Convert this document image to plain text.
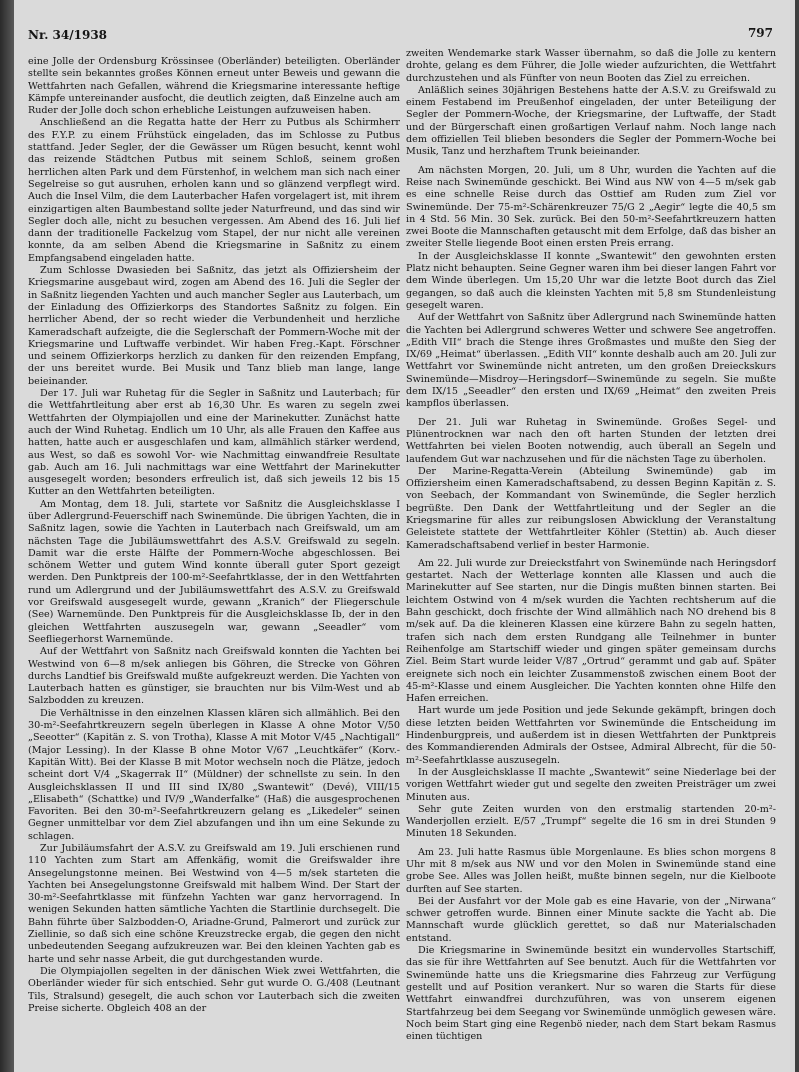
Nr. 34/1938	797

eine Jolle der Ordensburg Krössinsee (Oberländer) beteiligten. Oberländer stellte sein bekanntes großes Können erneut unter Beweis und gewann die Wettfahrten nach Gefallen, während die Kriegsmarine interessante heftige Kämpfe untereinander ausfocht, die deutlich zeigten, daß Einzelne auch am Ruder der Jolle doch schon erhebliche Leistungen aufzuweisen haben.

Anschließend an die Regatta hatte der Herr zu Putbus als Schirmherr des F.Y.P. zu einem Frühstück eingeladen, das im Schlosse zu Putbus stattfand. Jeder Segler, der die Gewässer um Rügen besucht, kennt wohl das reizende Städtchen Putbus mit seinem Schloß, seinem großen herrlichen alten Park und dem Fürstenhof, in welchem man sich nach einer Segelreise so gut ausruhen, erholen kann und so glänzend verpflegt wird. Auch die Insel Vilm, die dem Lauterbacher Hafen vorgelagert ist, mit ihrem einzigartigen alten Baumbestand sollte jeder Naturfreund, und das sind wir Segler doch alle, nicht zu besuchen vergessen. Am Abend des 16. Juli lief dann der traditionelle Fackelzug vom Stapel, der nur nicht alle vereinen konnte, da am selben Abend die Kriegsmarine in Saßnitz zu einem Empfangsabend eingeladen hatte.

Zum Schlosse Dwasieden bei Saßnitz, das jetzt als Offiziersheim der Kriegsmarine ausgebaut wird, zogen am Abend des 16. Juli die Segler der in Saßnitz liegenden Yachten und auch mancher Segler aus Lauterbach, um der Einladung des Offizierkorps des Standortes Saßnitz zu folgen. Ein herrlicher Abend, der so recht wieder die Verbundenheit und herzliche Kameradschaft aufzeigte, die die Seglerschaft der Pommern-Woche mit der Kriegsmarine und Luftwaffe verbindet. Wir haben Freg.-Kapt. Förschner und seinem Offizierkorps herzlich zu danken für den reizenden Empfang, der uns bereitet wurde. Bei Musik und Tanz blieb man lange, lange beieinander.

Der 17. Juli war Ruhetag für die Segler in Saßnitz und Lauterbach; für die Wettfahrtleitung aber erst ab 16,30 Uhr. Es waren zu segeln zwei Wettfahrten der Olympiajollen und eine der Marinekutter. Zunächst hatte auch der Wind Ruhetag. Endlich um 10 Uhr, als alle Frauen den Kaffee aus hatten, hatte auch er ausgeschlafen und kam, allmählich stärker werdend, aus West, so daß es sowohl Vor- wie Nachmittag einwandfreie Resultate gab. Auch am 16. Juli nachmittags war eine Wettfahrt der Marinekutter ausgesegelt worden; besonders erfreulich ist, daß sich jeweils 12 bis 15 Kutter an den Wettfahrten beteiligten.

Am Montag, dem 18. Juli, startete vor Saßnitz die Ausgleichsklasse I über Adlergrund-Feuerschiff nach Swinemünde. Die übrigen Yachten, die in Saßnitz lagen, sowie die Yachten in Lauterbach nach Greifswald, um am nächsten Tage die Jubiläumswettfahrt des A.S.V. Greifswald zu segeln. Damit war die erste Hälfte der Pommern-Woche abgeschlossen. Bei schönem Wetter und gutem Wind konnte überall guter Sport gezeigt werden. Den Punktpreis der 100-m²-Seefahrtklasse, der in den Wettfahrten rund um Adlergrund und der Jubiläumswettfahrt des A.S.V. zu Greifswald vor Greifswald ausgesegelt wurde, gewann „Kranich“ der Fliegerschule (See) Warnemünde. Den Punktpreis für die Ausgleichsklasse Ib, der in den gleichen Wettfahrten auszusegeln war, gewann „Seeadler“ vom Seefliegerhorst Warnemünde.

Auf der Wettfahrt von Saßnitz nach Greifswald konnten die Yachten bei Westwind von 6—8 m/sek anliegen bis Göhren, die Strecke von Göhren durchs Landtief bis Greifswald mußte aufgekreuzt werden. Die Yachten von Lauterbach hatten es günstiger, sie brauchten nur bis Vilm-West und ab Salzbodden zu kreuzen.

Die Verhältnisse in den einzelnen Klassen klären sich allmählich. Bei den 30-m²-Seefahrtkreuzern segeln überlegen in Klasse A ohne Motor V/50 „Seeotter“ (Kapitän z. S. von Trotha), Klasse A mit Motor V/45 „Nachtigall“ (Major Lessing). In der Klasse B ohne Motor V/67 „Leuchtkäfer“ (Korv.-Kapitän Witt). Bei der Klasse B mit Motor wechseln noch die Plätze, jedoch scheint dort V/4 „Skagerrak II“ (Müldner) der schnellste zu sein. In den Ausgleichsklassen II und III sind IX/80 „Swantewit“ (Devé), VIII/15 „Elisabeth“ (Schattke) und IV/9 „Wanderfalke“ (Haß) die ausgesprochenen Favoriten. Bei den 30-m²-Seefahrtkreuzern gelang es „Likedeler“ seinen Gegner unmittelbar vor dem Ziel abzufangen und ihn um eine Sekunde zu schlagen.

Zur Jubiläumsfahrt der A.S.V. zu Greifswald am 19. Juli erschienen rund 110 Yachten zum Start am Affenkäfig, womit die Greifswalder ihre Ansegelungstonne meinen. Bei Westwind von 4—5 m/sek starteten die Yachten bei Ansegelungstonne Greifswald mit halbem Wind. Der Start der 30-m²-Seefahrtklasse mit fünfzehn Yachten war ganz hervorragend. In wenigen Sekunden hatten sämtliche Yachten die Startlinie durchsegelt. Die Bahn führte über Salzbodden-O, Ariadne-Grund, Palmerort und zurück zur Ziellinie, so daß sich eine schöne Kreuzstrecke ergab, die gegen den nicht unbedeutenden Seegang aufzukreuzen war. Bei den kleinen Yachten gab es harte und sehr nasse Arbeit, die gut durchgestanden wurde.

Die Olympiajollen segelten in der dänischen Wiek zwei Wettfahrten, die Oberländer wieder für sich entschied. Sehr gut wurde O. G./408 (Leutnant Tils, Stralsund) gesegelt, die auch schon vor Lauterbach sich die zweiten Preise sicherte. Obgleich 408 an der

zweiten Wendemarke stark Wasser übernahm, so daß die Jolle zu kentern drohte, gelang es dem Führer, die Jolle wieder aufzurichten, die Wettfahrt durchzustehen und als Fünfter von neun Booten das Ziel zu erreichen.

Anläßlich seines 30jährigen Bestehens hatte der A.S.V. zu Greifswald zu einem Festabend im Preußenhof eingeladen, der unter Beteiligung der Segler der Pommern-Woche, der Kriegsmarine, der Luftwaffe, der Stadt und der Bürgerschaft einen großartigen Verlauf nahm. Noch lange nach dem offiziellen Teil blieben besonders die Segler der Pommern-Woche bei Musik, Tanz und herzhaftem Trunk beieinander.

Am nächsten Morgen, 20. Juli, um 8 Uhr, wurden die Yachten auf die Reise nach Swinemünde geschickt. Bei Wind aus NW von 4—5 m/sek gab es eine schnelle Reise durch das Osttief am Ruden zum Ziel vor Swinemünde. Der 75-m²-Schärenkreuzer 75/G 2 „Aegir“ legte die 40,5 sm in 4 Std. 56 Min. 30 Sek. zurück. Bei den 50-m²-Seefahrtkreuzern hatten zwei Boote die Mannschaften getauscht mit dem Erfolge, daß das bisher an zweiter Stelle liegende Boot einen ersten Preis errang.

In der Ausgleichsklasse II konnte „Swantewit“ den gewohnten ersten Platz nicht behaupten. Seine Gegner waren ihm bei dieser langen Fahrt vor dem Winde überlegen. Um 15,20 Uhr war die letzte Boot durch das Ziel gegangen, so daß auch die kleinsten Yachten mit 5,8 sm Stundenleistung gesegelt waren.

Auf der Wettfahrt von Saßnitz über Adlergrund nach Swinemünde hatten die Yachten bei Adlergrund schweres Wetter und schwere See angetroffen. „Edith VII“ brach die Stenge ihres Großmastes und mußte den Sieg der IX/69 „Heimat“ überlassen. „Edith VII“ konnte deshalb auch am 20. Juli zur Wettfahrt vor Swinemünde nicht antreten, um den großen Dreieckskurs Swinemünde—Misdroy—Heringsdorf—Swinemünde zu segeln. Sie mußte dem IX/15 „Seeadler“ den ersten und IX/69 „Heimat“ den zweiten Preis kampflos überlassen.

Der 21. Juli war Ruhetag in Swinemünde. Großes Segel- und Plünentrocknen war nach den oft harten Stunden der letzten drei Wettfahrten bei vielen Booten notwendig, auch überall an Segeln und laufendem Gut war nachzusehen und für die nächsten Tage zu überholen.

Der Marine-Regatta-Verein (Abteilung Swinemünde) gab im Offiziersheim einen Kameradschaftsabend, zu dessen Beginn Kapitän z. S. von Seebach, der Kommandant von Swinemünde, die Segler herzlich begrüßte. Den Dank der Wettfahrtleitung und der Segler an die Kriegsmarine für alles zur reibungslosen Abwicklung der Veranstaltung Geleistete stattete der Wettfahrtleiter Köhler (Stettin) ab. Auch dieser Kameradschaftsabend verlief in bester Harmonie.

Am 22. Juli wurde zur Dreieckstfahrt von Swinemünde nach Heringsdorf gestartet. Nach der Wetterlage konnten alle Klassen und auch die Marinekutter auf See starten, nur die Dingis mußten binnen starten. Bei leichtem Ostwind von 4 m/sek wurden die Yachten rechtsherum auf die Bahn geschickt, doch frischte der Wind allmählich nach NO drehend bis 8 m/sek auf. Da die kleineren Klassen eine kürzere Bahn zu segeln hatten, trafen sich nach dem ersten Rundgang alle Teilnehmer in bunter Reihenfolge am Startschiff wieder und gingen später gemeinsam durchs Ziel. Beim Start wurde leider V/87 „Ortrud“ gerammt und gab auf. Später ereignete sich noch ein leichter Zusammenstoß zwischen einem Boot der 45-m²-Klasse und einem Ausgleicher. Die Yachten konnten ohne Hilfe den Hafen erreichen.

Hart wurde um jede Position und jede Sekunde gekämpft, bringen doch diese letzten beiden Wettfahrten vor Swinemünde die Entscheidung im Hindenburgpreis, und außerdem ist in diesen Wettfahrten der Punktpreis des Kommandierenden Admirals der Ostsee, Admiral Albrecht, für die 50-m²-Seefahrtklasse auszusegeln.

In der Ausgleichsklasse II machte „Swantewit“ seine Niederlage bei der vorigen Wettfahrt wieder gut und segelte den zweiten Preisträger um zwei Minuten aus.

Sehr gute Zeiten wurden von den erstmalig startenden 20-m²-Wanderjollen erzielt. E/57 „Trumpf“ segelte die 16 sm in drei Stunden 9 Minuten 18 Sekunden.

Am 23. Juli hatte Rasmus üble Morgenlaune. Es blies schon morgens 8 Uhr mit 8 m/sek aus NW und vor den Molen in Swinemünde stand eine grobe See. Alles was Jollen heißt, mußte binnen segeln, nur die Kielboote durften auf See starten.

Bei der Ausfahrt vor der Mole gab es eine Havarie, von der „Nirwana“ schwer getroffen wurde. Binnen einer Minute sackte die Yacht ab. Die Mannschaft wurde glücklich gerettet, so daß nur Materialschaden entstand.

Die Kriegsmarine in Swinemünde besitzt ein wundervolles Startschiff, das sie für ihre Wettfahrten auf See benutzt. Auch für die Wettfahrten vor Swinemünde hatte uns die Kriegsmarine dies Fahrzeug zur Verfügung gestellt und auf Position verankert. Nur so waren die Starts für diese Wettfahrt einwandfrei durchzuführen, was von unserem eigenen Startfahrzeug bei dem Seegang vor Swinemünde unmöglich gewesen wäre. Noch beim Start ging eine Regenbö nieder, nach dem Start bekam Rasmus einen tüchtigen
